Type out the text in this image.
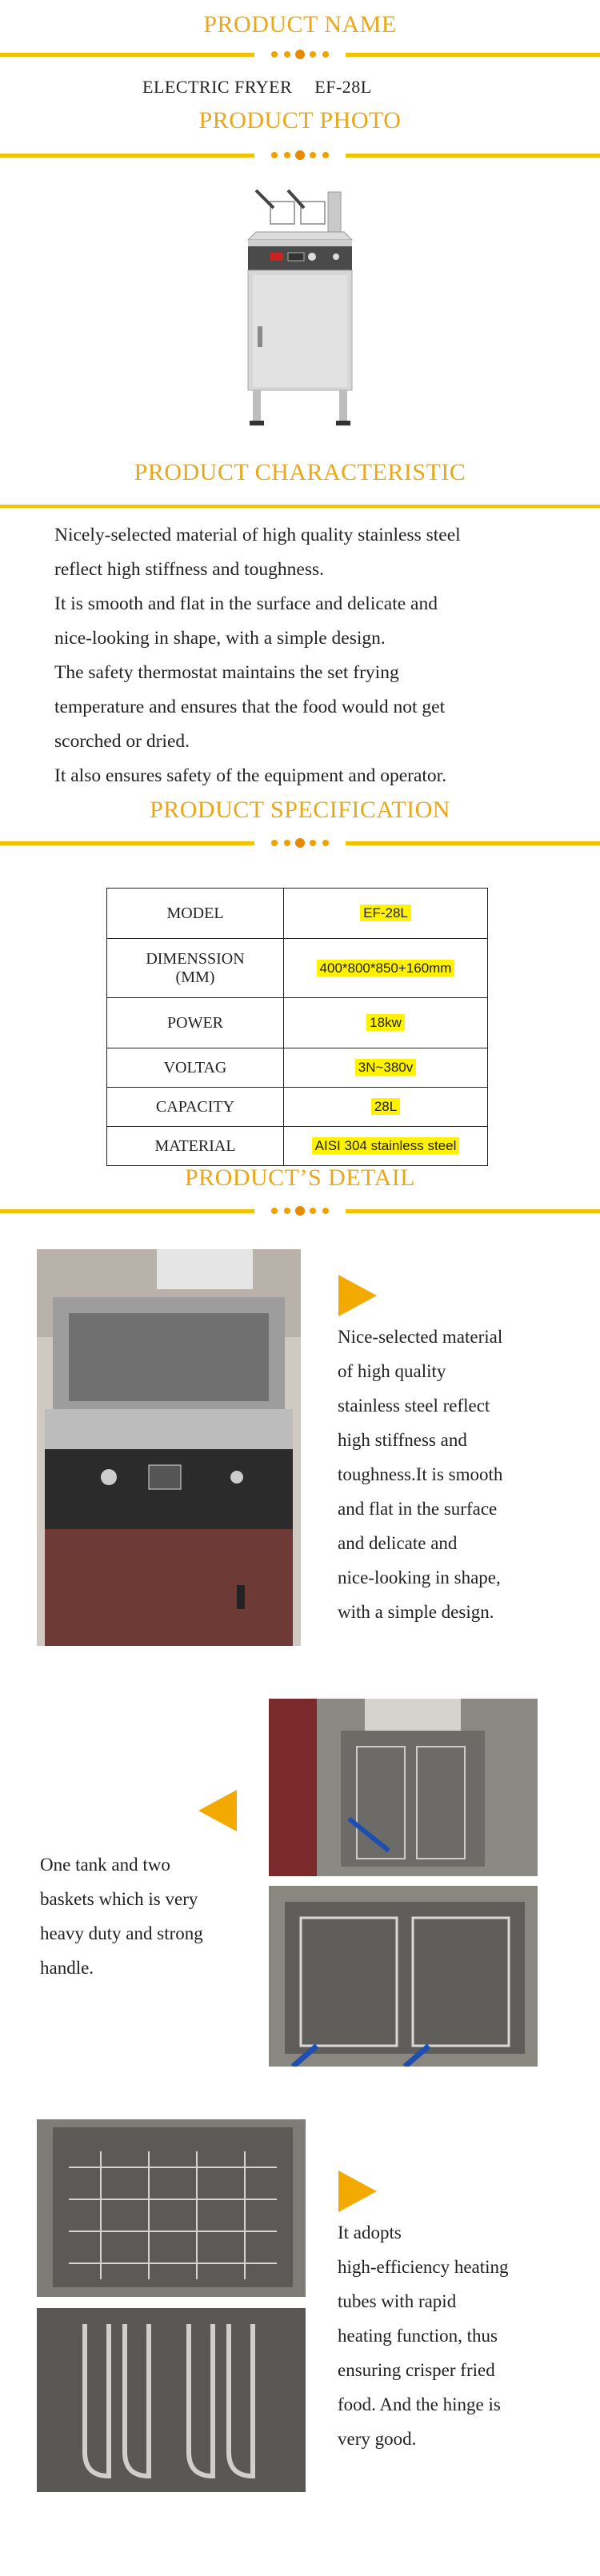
PRODUCT NAME
ELECTRIC FRYER EF-28L
PRODUCT PHOTO
PRODUCT CHARACTERISTIC
Nicely-selected material of high quality stainless steel
reflect high stiffness and toughness.
It is smooth and flat in the surface and delicate and
nice-looking in shape, with a simple design.
The safety thermostat maintains the set frying
temperature and ensures that the food would not get
scorched or dried.
It also ensures safety of the equipment and operator.
PRODUCT SPECIFICATION
MODEL	EF-28L
DIMENSSION
(MM)	400*800*850+160mm
POWER	18kw
VOLTAG	3N~380v
CAPACITY	28L
MATERIAL	AISI 304 stainless steel
PRODUCT’S DETAIL
Nice-selected material
of high quality
stainless steel reflect
high stiffness and
toughness.It is smooth
and flat in the surface
and delicate and
nice-looking in shape,
with a simple design.
One tank and two
baskets which is very
heavy duty and strong
handle.
It adopts
high-efficiency heating
tubes with rapid
heating function, thus
ensuring crisper fried
food. And the hinge is
very good.
